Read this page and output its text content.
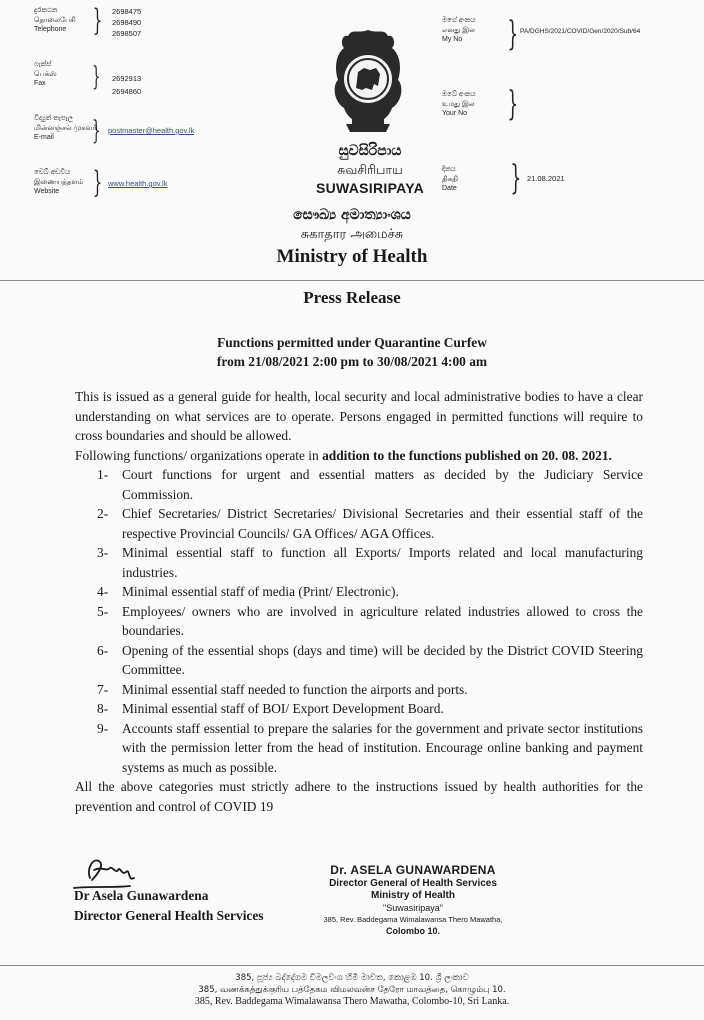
දුරකථන
தொலைபேசி
Telephone } 2698475
2698490
2698507
ෆැක්ස්
பெக்ஸ்
Fax	} 2692913
2694860
විද්‍යුත් තැපෑල
மின்னஞ்சல் முகவரி
E-mail	} postmaster@health.gov.lk
වෙබ් අඩවිය
இணையத்தளம்
Website	} www.health.gov.lk
සුවසිරිපාය
சுவசிரிபாய
SUWASIRIPAYA
මගේ අංකය
எனது இல
My No	} PA/DGHS/2021/COVID/Gen/2020/Sub/64
ඔබේ අංකය
உமது இல
Your No }
දිනය
திகதி
Date } 21.08.2021
සෞඛ්‍ය අමාත්‍යාංශය
சுகாதார அமைச்சு
Ministry of Health
Press Release
Functions permitted under Quarantine Curfew
from 21/08/2021 2:00 pm to 30/08/2021 4:00 am
This is issued as a general guide for health, local security and local administrative bodies to have a clear understanding on what services are to operate. Persons engaged in permitted functions will require to cross boundaries and should be allowed.
Following functions/ organizations operate in addition to the functions published on 20. 08. 2021.
1- Court functions for urgent and essential matters as decided by the Judiciary Service Commission.
2- Chief Secretaries/ District Secretaries/ Divisional Secretaries and their essential staff of the respective Provincial Councils/ GA Offices/ AGA Offices.
3- Minimal essential staff to function all Exports/ Imports related and local manufacturing industries.
4- Minimal essential staff of media (Print/ Electronic).
5- Employees/ owners who are involved in agriculture related industries allowed to cross the boundaries.
6- Opening of the essential shops (days and time) will be decided by the District COVID Steering Committee.
7- Minimal essential staff needed to function the airports and ports.
8- Minimal essential staff of BOI/ Export Development Board.
9- Accounts staff essential to prepare the salaries for the government and private sector institutions with the permission letter from the head of institution. Encourage online banking and payment systems as much as possible.
All the above categories must strictly adhere to the instructions issued by health authorities for the prevention and control of COVID 19
Dr Asela Gunawardena
Director General Health Services
Dr. ASELA GUNAWARDENA
Director General of Health Services
Ministry of Health
"Suwasiripaya"
385, Rev. Baddegama Wimalawansa Thero Mawatha,
Colombo 10.
385, පූජ්‍ය බද්දේගම විමලවංශ හිමි මාවත, කොළඹ 10. ශ්‍රී ලංකාව
385, வணக்கத்துக்குரிய பத்தேகம விமலவன்ச தேரோ மாவத்தை, கொழும்பு 10.
385, Rev. Baddegama Wimalawansa Thero Mawatha, Colombo-10, Sri Lanka.
